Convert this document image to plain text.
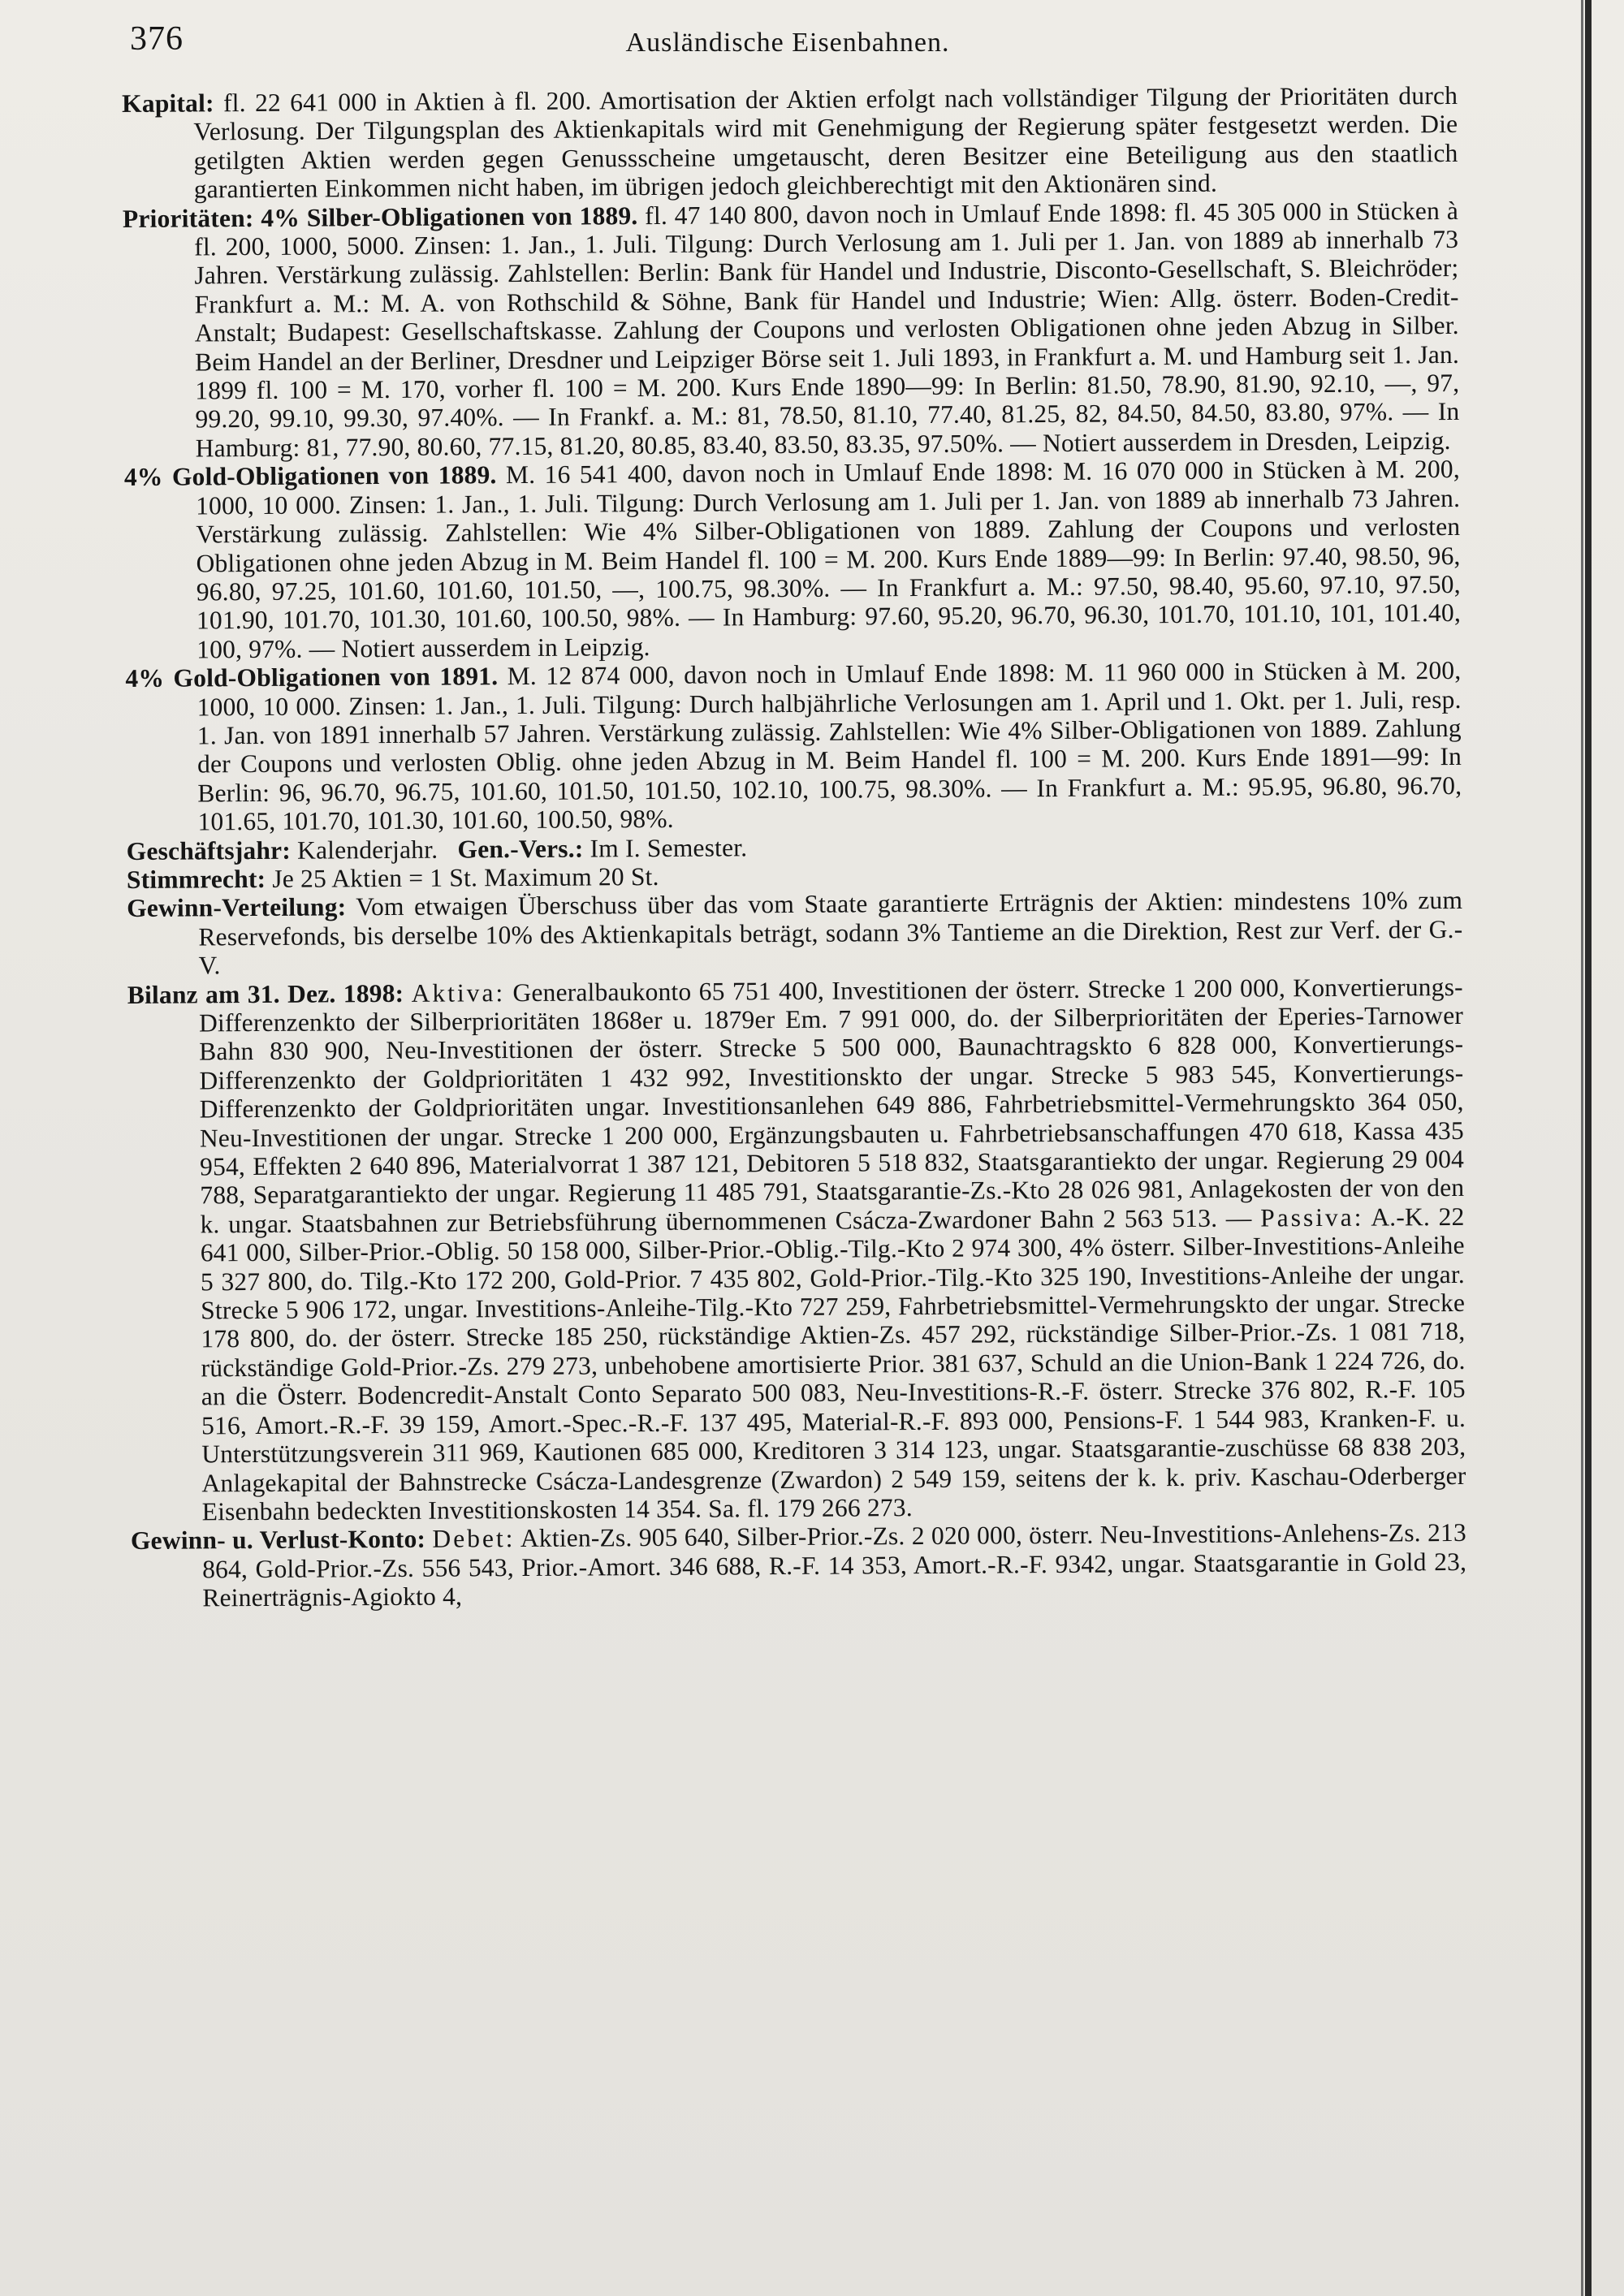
376	Ausländische Eisenbahnen.

Kapital: fl. 22 641 000 in Aktien à fl. 200. Amortisation der Aktien erfolgt nach vollständiger Tilgung der Prioritäten durch Verlosung. Der Tilgungsplan des Aktienkapitals wird mit Genehmigung der Regierung später festgesetzt werden. Die getilgten Aktien werden gegen Genussscheine umgetauscht, deren Besitzer eine Beteiligung aus den staatlich garantierten Einkommen nicht haben, im übrigen jedoch gleichberechtigt mit den Aktionären sind.

Prioritäten: 4% Silber-Obligationen von 1889. fl. 47 140 800, davon noch in Umlauf Ende 1898: fl. 45 305 000 in Stücken à fl. 200, 1000, 5000. Zinsen: 1. Jan., 1. Juli. Tilgung: Durch Verlosung am 1. Juli per 1. Jan. von 1889 ab innerhalb 73 Jahren. Verstärkung zulässig. Zahlstellen: Berlin: Bank für Handel und Industrie, Disconto-Gesellschaft, S. Bleichröder; Frankfurt a. M.: M. A. von Rothschild & Söhne, Bank für Handel und Industrie; Wien: Allg. österr. Boden-Credit-Anstalt; Budapest: Gesellschaftskasse. Zahlung der Coupons und verlosten Obligationen ohne jeden Abzug in Silber. Beim Handel an der Berliner, Dresdner und Leipziger Börse seit 1. Juli 1893, in Frankfurt a. M. und Hamburg seit 1. Jan. 1899 fl. 100 = M. 170, vorher fl. 100 = M. 200. Kurs Ende 1890—99: In Berlin: 81.50, 78.90, 81.90, 92.10, —, 97, 99.20, 99.10, 99.30, 97.40%. — In Frankf. a. M.: 81, 78.50, 81.10, 77.40, 81.25, 82, 84.50, 84.50, 83.80, 97%. — In Hamburg: 81, 77.90, 80.60, 77.15, 81.20, 80.85, 83.40, 83.50, 83.35, 97.50%. — Notiert ausserdem in Dresden, Leipzig.

4% Gold-Obligationen von 1889. M. 16 541 400, davon noch in Umlauf Ende 1898: M. 16 070 000 in Stücken à M. 200, 1000, 10 000. Zinsen: 1. Jan., 1. Juli. Tilgung: Durch Verlosung am 1. Juli per 1. Jan. von 1889 ab innerhalb 73 Jahren. Verstärkung zulässig. Zahlstellen: Wie 4% Silber-Obligationen von 1889. Zahlung der Coupons und verlosten Obligationen ohne jeden Abzug in M. Beim Handel fl. 100 = M. 200. Kurs Ende 1889—99: In Berlin: 97.40, 98.50, 96, 96.80, 97.25, 101.60, 101.60, 101.50, —, 100.75, 98.30%. — In Frankfurt a. M.: 97.50, 98.40, 95.60, 97.10, 97.50, 101.90, 101.70, 101.30, 101.60, 100.50, 98%. — In Hamburg: 97.60, 95.20, 96.70, 96.30, 101.70, 101.10, 101, 101.40, 100, 97%. — Notiert ausserdem in Leipzig.

4% Gold-Obligationen von 1891. M. 12 874 000, davon noch in Umlauf Ende 1898: M. 11 960 000 in Stücken à M. 200, 1000, 10 000. Zinsen: 1. Jan., 1. Juli. Tilgung: Durch halbjährliche Verlosungen am 1. April und 1. Okt. per 1. Juli, resp. 1. Jan. von 1891 innerhalb 57 Jahren. Verstärkung zulässig. Zahlstellen: Wie 4% Silber-Obligationen von 1889. Zahlung der Coupons und verlosten Oblig. ohne jeden Abzug in M. Beim Handel fl. 100 = M. 200. Kurs Ende 1891—99: In Berlin: 96, 96.70, 96.75, 101.60, 101.50, 101.50, 102.10, 100.75, 98.30%. — In Frankfurt a. M.: 95.95, 96.80, 96.70, 101.65, 101.70, 101.30, 101.60, 100.50, 98%.

Geschäftsjahr: Kalenderjahr. Gen.-Vers.: Im I. Semester.

Stimmrecht: Je 25 Aktien = 1 St. Maximum 20 St.

Gewinn-Verteilung: Vom etwaigen Überschuss über das vom Staate garantierte Erträgnis der Aktien: mindestens 10% zum Reservefonds, bis derselbe 10% des Aktienkapitals beträgt, sodann 3% Tantieme an die Direktion, Rest zur Verf. der G.-V.

Bilanz am 31. Dez. 1898: Aktiva: Generalbaukonto 65 751 400, Investitionen der österr. Strecke 1 200 000, Konvertierungs-Differenzenkto der Silberprioritäten 1868er u. 1879er Em. 7 991 000, do. der Silberprioritäten der Eperies-Tarnower Bahn 830 900, Neu-Investitionen der österr. Strecke 5 500 000, Baunachtragskto 6 828 000, Konvertierungs-Differenzenkto der Goldprioritäten 1 432 992, Investitionskto der ungar. Strecke 5 983 545, Konvertierungs-Differenzenkto der Goldprioritäten ungar. Investitionsanlehen 649 886, Fahrbetriebsmittel-Vermehrungskto 364 050, Neu-Investitionen der ungar. Strecke 1 200 000, Ergänzungsbauten u. Fahrbetriebsanschaffungen 470 618, Kassa 435 954, Effekten 2 640 896, Materialvorrat 1 387 121, Debitoren 5 518 832, Staatsgarantiekto der ungar. Regierung 29 004 788, Separatgarantiekto der ungar. Regierung 11 485 791, Staatsgarantie-Zs.-Kto 28 026 981, Anlagekosten der von den k. ungar. Staatsbahnen zur Betriebsführung übernommenen Csácza-Zwardoner Bahn 2 563 513. — Passiva: A.-K. 22 641 000, Silber-Prior.-Oblig. 50 158 000, Silber-Prior.-Oblig.-Tilg.-Kto 2 974 300, 4% österr. Silber-Investitions-Anleihe 5 327 800, do. Tilg.-Kto 172 200, Gold-Prior. 7 435 802, Gold-Prior.-Tilg.-Kto 325 190, Investitions-Anleihe der ungar. Strecke 5 906 172, ungar. Investitions-Anleihe-Tilg.-Kto 727 259, Fahrbetriebsmittel-Vermehrungskto der ungar. Strecke 178 800, do. der österr. Strecke 185 250, rückständige Aktien-Zs. 457 292, rückständige Silber-Prior.-Zs. 1 081 718, rückständige Gold-Prior.-Zs. 279 273, unbehobene amortisierte Prior. 381 637, Schuld an die Union-Bank 1 224 726, do. an die Österr. Bodencredit-Anstalt Conto Separato 500 083, Neu-Investitions-R.-F. österr. Strecke 376 802, R.-F. 105 516, Amort.-R.-F. 39 159, Amort.-Spec.-R.-F. 137 495, Material-R.-F. 893 000, Pensions-F. 1 544 983, Kranken-F. u. Unterstützungsverein 311 969, Kautionen 685 000, Kreditoren 3 314 123, ungar. Staatsgarantie-zuschüsse 68 838 203, Anlagekapital der Bahnstrecke Csácza-Landesgrenze (Zwardon) 2 549 159, seitens der k. k. priv. Kaschau-Oderberger Eisenbahn bedeckten Investitionskosten 14 354. Sa. fl. 179 266 273.

Gewinn- u. Verlust-Konto: Debet: Aktien-Zs. 905 640, Silber-Prior.-Zs. 2 020 000, österr. Neu-Investitions-Anlehens-Zs. 213 864, Gold-Prior.-Zs. 556 543, Prior.-Amort. 346 688, R.-F. 14 353, Amort.-R.-F. 9342, ungar. Staatsgarantie in Gold 23, Reinerträgnis-Agiokto 4,
